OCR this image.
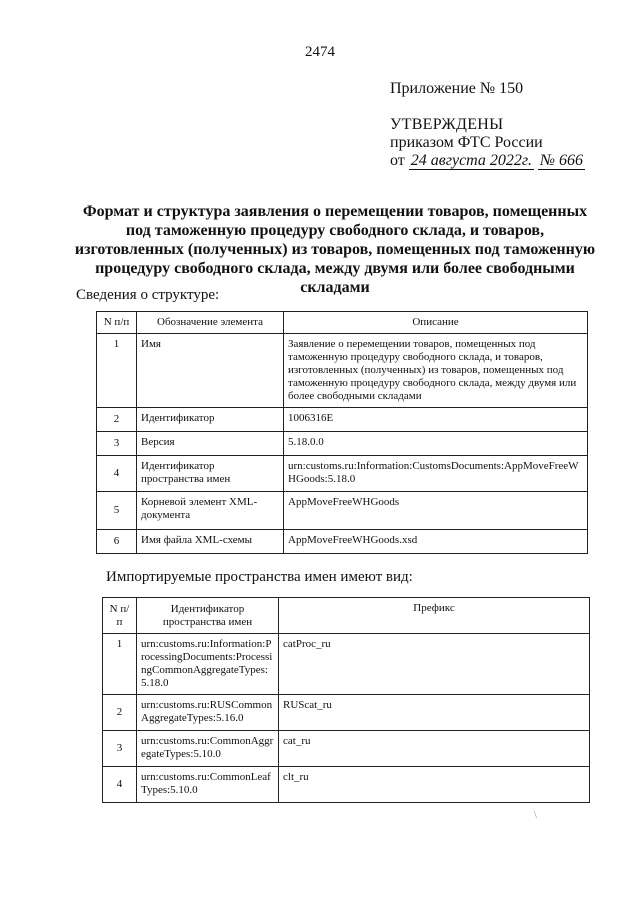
2474
Приложение № 150
УТВЕРЖДЕНЫ
приказом ФТС России
от 24 августа 2022г. № 666
Формат и структура заявления о перемещении товаров, помещенных под таможенную процедуру свободного склада, и товаров, изготовленных (полученных) из товаров, помещенных под таможенную процедуру свободного склада, между двумя или более свободными складами
Сведения о структуре:
N п/п	Обозначение элемента	Описание
1	Имя	Заявление о перемещении товаров, помещенных под таможенную процедуру свободного склада, и товаров, изготовленных (полученных) из товаров, помещенных под таможенную процедуру свободного склада, между двумя или более свободными складами
2	Идентификатор	1006316E
3	Версия	5.18.0.0
4	Идентификатор пространства имен	urn:customs.ru:Information:CustomsDocuments:AppMoveFreeWHGoods:5.18.0
5	Корневой элемент XML-документа	AppMoveFreeWHGoods
6	Имя файла XML-схемы	AppMoveFreeWHGoods.xsd
Импортируемые пространства имен имеют вид:
N п/п	Идентификатор пространства имен	Префикс
1	urn:customs.ru:Information:ProcessingDocuments:ProcessingCommonAggregateTypes:5.18.0	catProc_ru
2	urn:customs.ru:RUSCommonAggregateTypes:5.16.0	RUScat_ru
3	urn:customs.ru:CommonAggregateTypes:5.10.0	cat_ru
4	urn:customs.ru:CommonLeafTypes:5.10.0	clt_ru
\
